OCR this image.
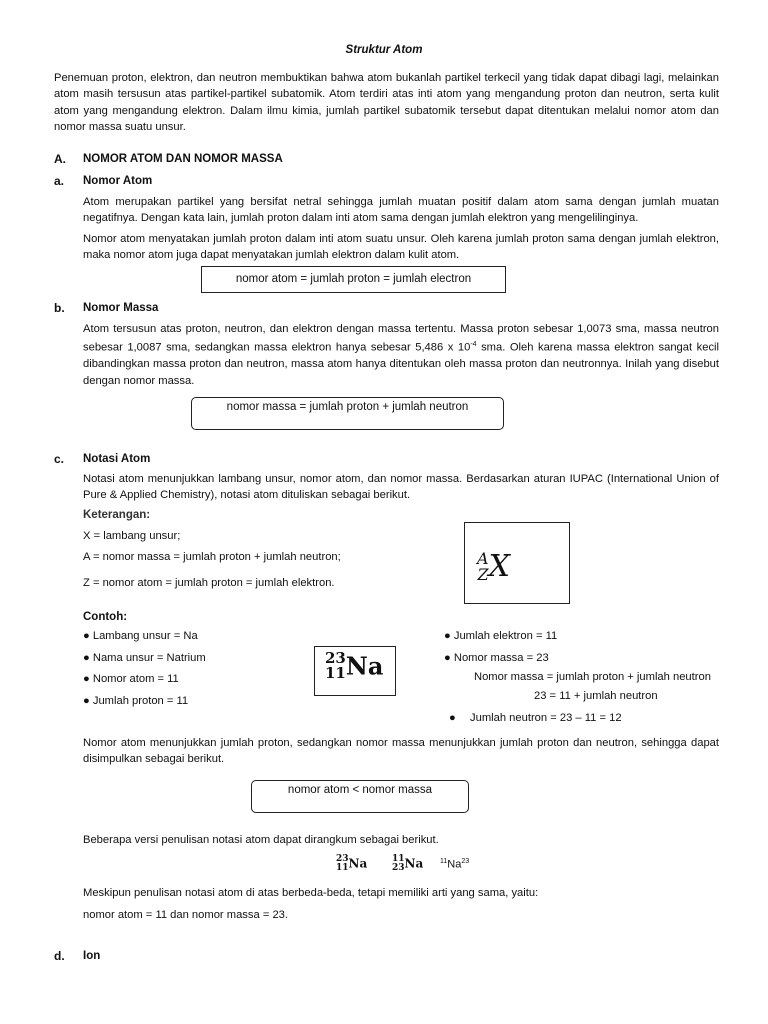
Struktur Atom
Penemuan proton, elektron, dan neutron membuktikan bahwa atom bukanlah partikel terkecil yang tidak dapat dibagi lagi, melainkan atom masih tersusun atas partikel-partikel subatomik. Atom terdiri atas inti atom yang mengandung proton dan neutron, serta kulit atom yang mengandung elektron. Dalam ilmu kimia, jumlah partikel subatomik tersebut dapat ditentukan melalui nomor atom dan nomor massa suatu unsur.
A. NOMOR ATOM DAN NOMOR MASSA
a. Nomor Atom
Atom merupakan partikel yang bersifat netral sehingga jumlah muatan positif dalam atom sama dengan jumlah muatan negatifnya. Dengan kata lain, jumlah proton dalam inti atom sama dengan jumlah elektron yang mengelilinginya.
Nomor atom menyatakan jumlah proton dalam inti atom suatu unsur. Oleh karena jumlah proton sama dengan jumlah elektron, maka nomor atom juga dapat menyatakan jumlah elektron dalam kulit atom.
nomor atom = jumlah proton = jumlah electron
b. Nomor Massa
Atom tersusun atas proton, neutron, dan elektron dengan massa tertentu. Massa proton sebesar 1,0073 sma, massa neutron sebesar 1,0087 sma, sedangkan massa elektron hanya sebesar 5,486 x $10^{-4}$ sma. Oleh karena massa elektron sangat kecil dibandingkan massa proton dan neutron, massa atom hanya ditentukan oleh massa proton dan neutronnya. Inilah yang disebut dengan nomor massa.
nomor massa = jumlah proton + jumlah neutron
c. Notasi Atom
Notasi atom menunjukkan lambang unsur, nomor atom, dan nomor massa. Berdasarkan aturan IUPAC (International Union of Pure & Applied Chemistry), notasi atom dituliskan sebagai berikut.
Keterangan:
X = lambang unsur;
A = nomor massa = jumlah proton + jumlah neutron;
Z = nomor atom = jumlah proton = jumlah elektron.
A
Z X
Contoh:
● Lambang unsur = Na
● Nama unsur = Natrium
● Nomor atom = 11
● Jumlah proton = 11
23
11 Na
● Jumlah elektron = 11
● Nomor massa = 23
Nomor massa = jumlah proton + jumlah neutron
23 = 11 + jumlah neutron
● Jumlah neutron = 23 – 11 = 12
Nomor atom menunjukkan jumlah proton, sedangkan nomor massa menunjukkan jumlah proton dan neutron, sehingga dapat disimpulkan sebagai berikut.
nomor atom < nomor massa
Beberapa versi penulisan notasi atom dapat dirangkum sebagai berikut.
23
11 Na	11
23 Na $^{11}$Na$^{23}$
Meskipun penulisan notasi atom di atas berbeda-beda, tetapi memiliki arti yang sama, yaitu:
nomor atom = 11 dan nomor massa = 23.
d. Ion
